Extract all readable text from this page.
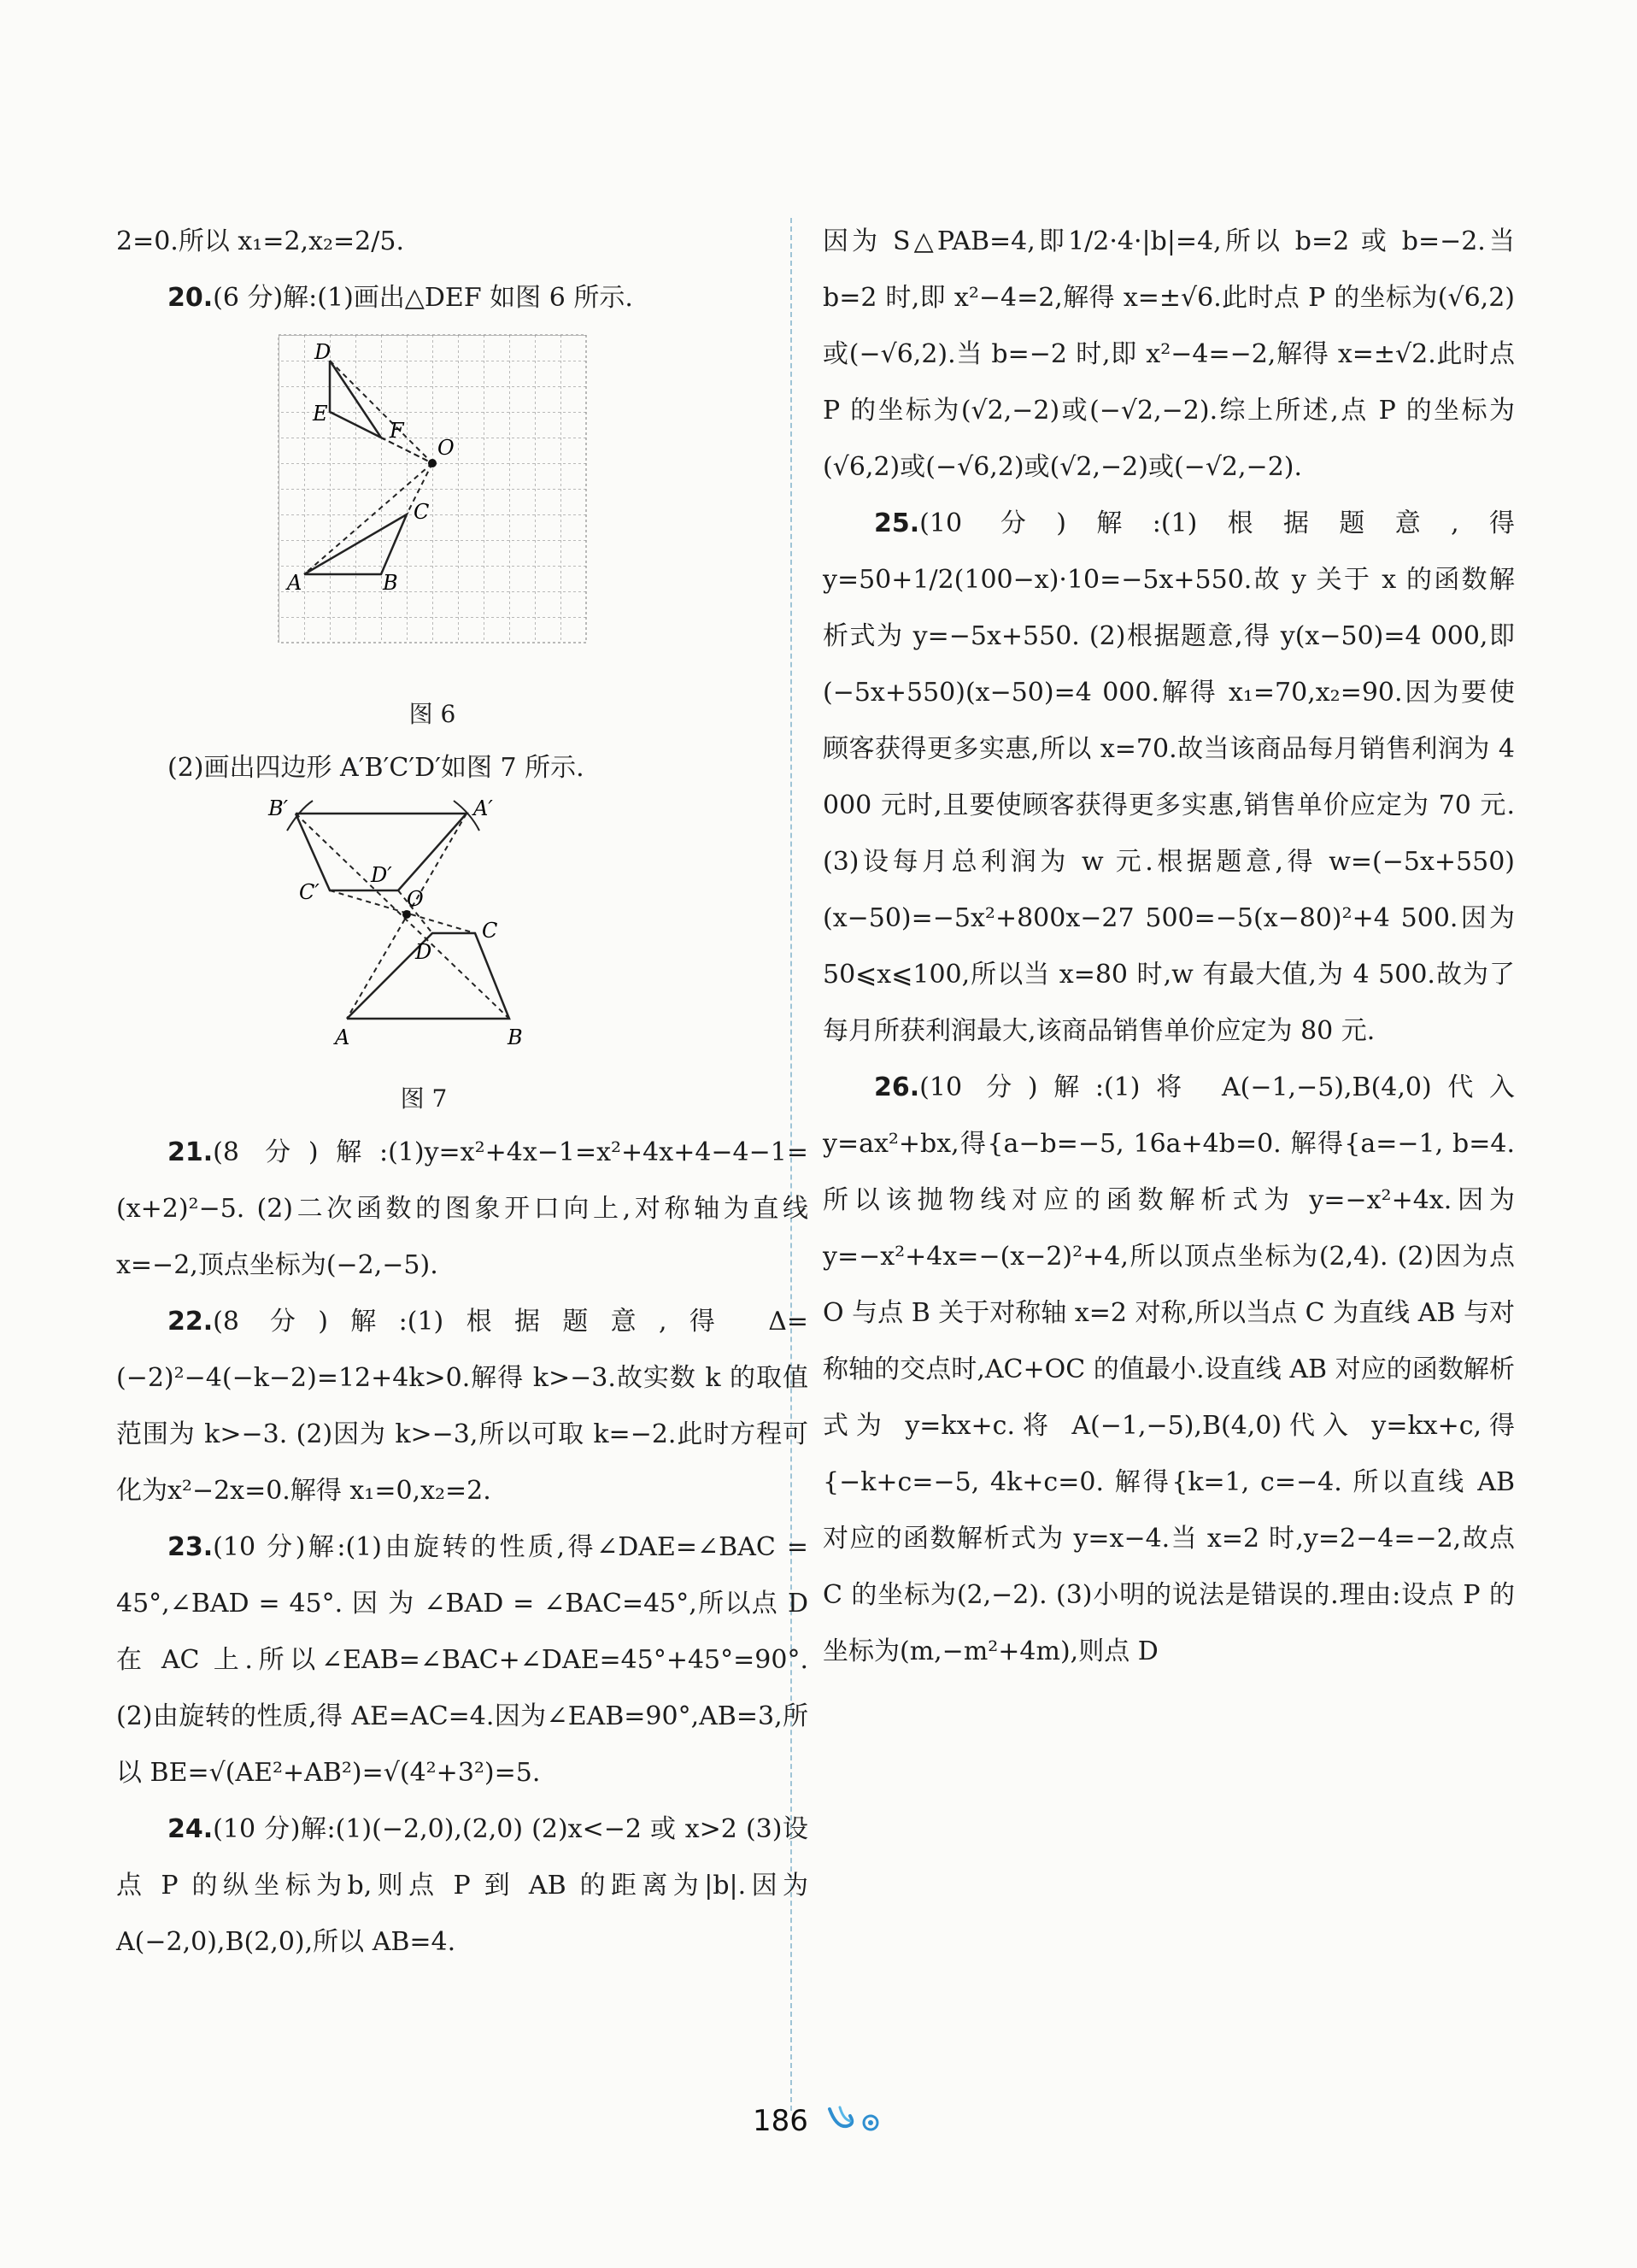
2=0.所以 x₁=2,x₂=2/5.

20.(6 分)解:(1)画出△DEF 如图 6 所示.

D
E
F
O
C
A	B
图 6

(2)画出四边形 A′B′C′D′如图 7 所示.

B′	A′
D′
C′	O
C
D
A	B
图 7

21.(8 分)解:(1)y=x²+4x−1=x²+4x+4−4−1=(x+2)²−5. (2)二次函数的图象开口向上,对称轴为直线 x=−2,顶点坐标为(−2,−5).

22.(8 分)解:(1)根据题意,得 Δ=(−2)²−4(−k−2)=12+4k>0.解得 k>−3.故实数 k 的取值范围为 k>−3. (2)因为 k>−3,所以可取 k=−2.此时方程可化为x²−2x=0.解得 x₁=0,x₂=2.

23.(10 分)解:(1)由旋转的性质,得∠DAE=∠BAC = 45°,∠BAD = 45°. 因 为 ∠BAD = ∠BAC=45°,所以点 D 在 AC 上.所以∠EAB=∠BAC+∠DAE=45°+45°=90°. (2)由旋转的性质,得 AE=AC=4.因为∠EAB=90°,AB=3,所以 BE=√(AE²+AB²)=√(4²+3²)=5.

24.(10 分)解:(1)(−2,0),(2,0) (2)x<−2 或 x>2 (3)设点 P 的纵坐标为b,则点 P 到 AB 的距离为|b|.因为 A(−2,0),B(2,0),所以 AB=4.

因为 S△PAB=4,即1/2·4·|b|=4,所以 b=2 或 b=−2.当 b=2 时,即 x²−4=2,解得 x=±√6.此时点 P 的坐标为(√6,2)或(−√6,2).当 b=−2 时,即 x²−4=−2,解得 x=±√2.此时点 P 的坐标为(√2,−2)或(−√2,−2).综上所述,点 P 的坐标为(√6,2)或(−√6,2)或(√2,−2)或(−√2,−2).

25.(10 分)解:(1)根据题意,得 y=50+1/2(100−x)·10=−5x+550.故 y 关于 x 的函数解析式为 y=−5x+550. (2)根据题意,得 y(x−50)=4 000,即(−5x+550)(x−50)=4 000.解得 x₁=70,x₂=90.因为要使顾客获得更多实惠,所以 x=70.故当该商品每月销售利润为 4 000 元时,且要使顾客获得更多实惠,销售单价应定为 70 元. (3)设每月总利润为 w 元.根据题意,得 w=(−5x+550)(x−50)=−5x²+800x−27 500=−5(x−80)²+4 500.因为 50⩽x⩽100,所以当 x=80 时,w 有最大值,为 4 500.故为了每月所获利润最大,该商品销售单价应定为 80 元.

26.(10 分)解:(1)将 A(−1,−5),B(4,0)代入 y=ax²+bx,得{a−b=−5, 16a+4b=0. 解得{a=−1, b=4. 所以该抛物线对应的函数解析式为 y=−x²+4x.因为 y=−x²+4x=−(x−2)²+4,所以顶点坐标为(2,4). (2)因为点 O 与点 B 关于对称轴 x=2 对称,所以当点 C 为直线 AB 与对称轴的交点时,AC+OC 的值最小.设直线 AB 对应的函数解析式为 y=kx+c.将 A(−1,−5),B(4,0)代入 y=kx+c,得{−k+c=−5, 4k+c=0. 解得{k=1, c=−4. 所以直线 AB 对应的函数解析式为 y=x−4.当 x=2 时,y=2−4=−2,故点 C 的坐标为(2,−2). (3)小明的说法是错误的.理由:设点 P 的坐标为(m,−m²+4m),则点 D

186
